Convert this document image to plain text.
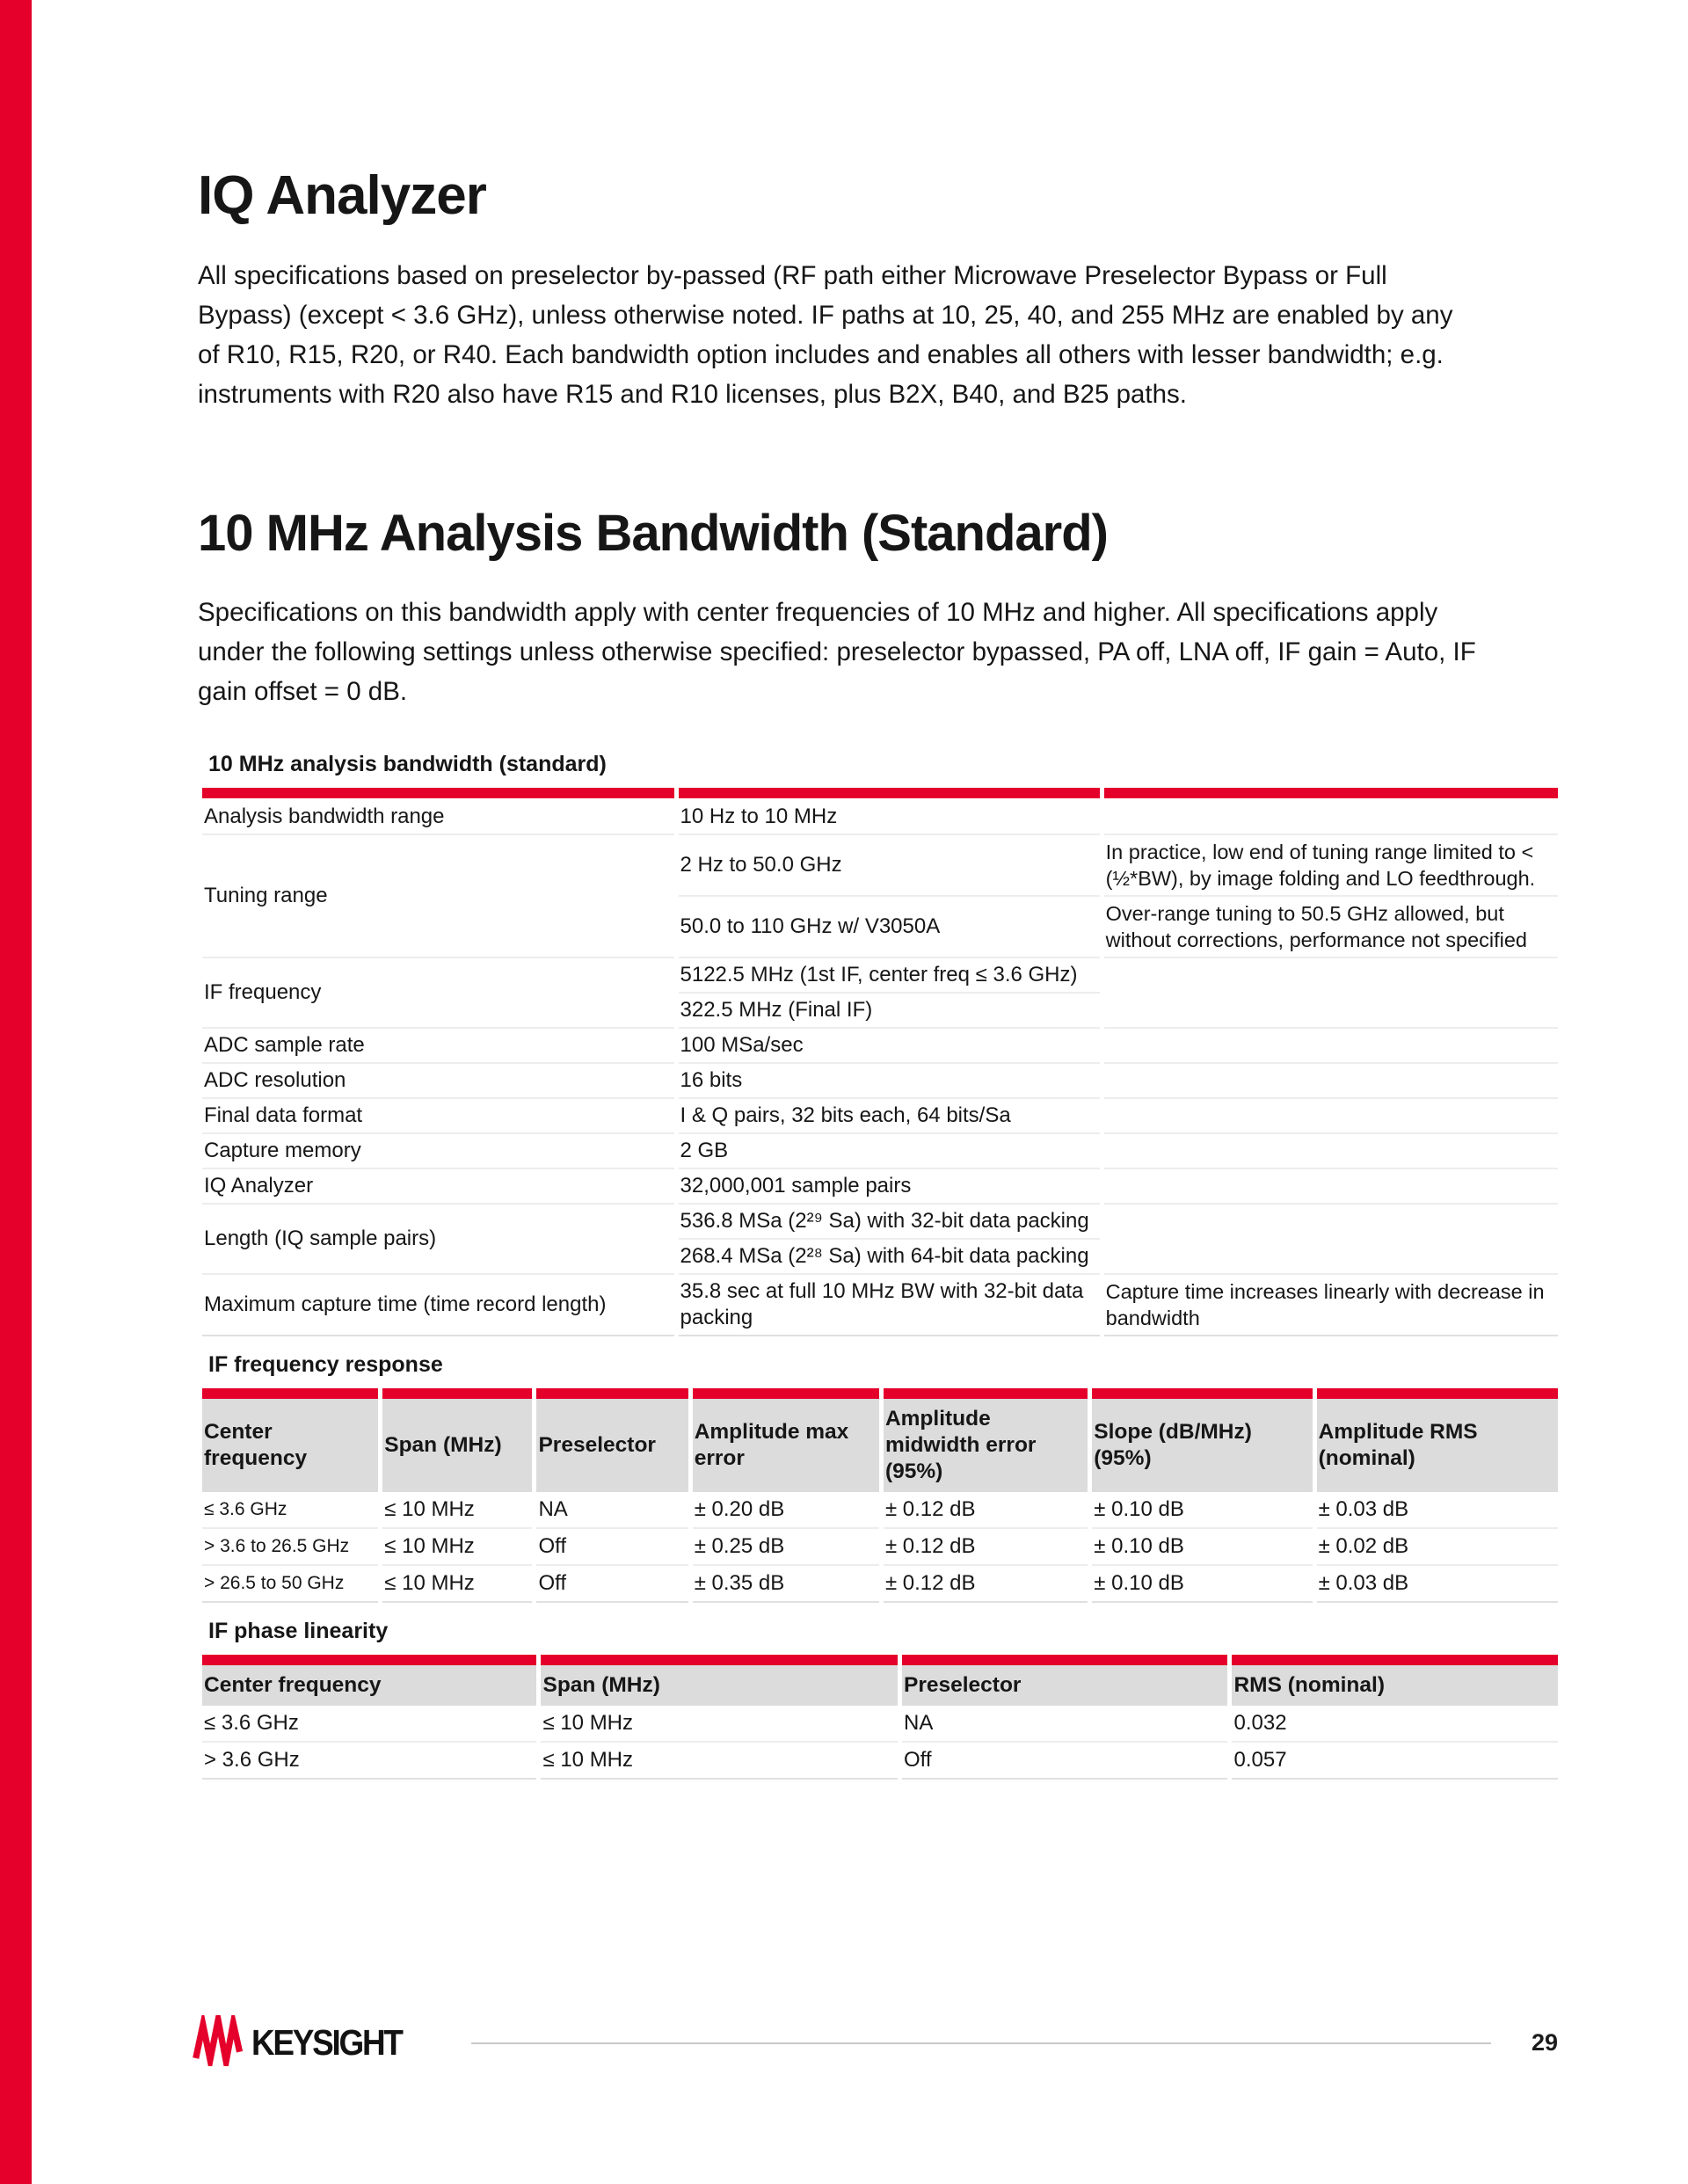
IQ Analyzer

All specifications based on preselector by-passed (RF path either Microwave Preselector Bypass or Full Bypass) (except < 3.6 GHz), unless otherwise noted. IF paths at 10, 25, 40, and 255 MHz are enabled by any of R10, R15, R20, or R40. Each bandwidth option includes and enables all others with lesser bandwidth; e.g. instruments with R20 also have R15 and R10 licenses, plus B2X, B40, and B25 paths.

10 MHz Analysis Bandwidth (Standard)

Specifications on this bandwidth apply with center frequencies of 10 MHz and higher. All specifications apply under the following settings unless otherwise specified: preselector bypassed, PA off, LNA off, IF gain = Auto, IF gain offset = 0 dB.

10 MHz analysis bandwidth (standard)
Analysis bandwidth range	10 Hz to 10 MHz	
Tuning range	2 Hz to 50.0 GHz	In practice, low end of tuning range limited to < (½*BW), by image folding and LO feedthrough.
	50.0 to 110 GHz w/ V3050A	Over-range tuning to 50.5 GHz allowed, but without corrections, performance not specified
IF frequency	5122.5 MHz (1st IF, center freq ≤ 3.6 GHz)	
	322.5 MHz (Final IF)	
ADC sample rate	100 MSa/sec	
ADC resolution	16 bits	
Final data format	I & Q pairs, 32 bits each, 64 bits/Sa	
Capture memory	2 GB	
IQ Analyzer	32,000,001 sample pairs	
Length (IQ sample pairs)	536.8 MSa (2²⁹ Sa) with 32-bit data packing	
	268.4 MSa (2²⁸ Sa) with 64-bit data packing	
Maximum capture time (time record length)	35.8 sec at full 10 MHz BW with 32-bit data packing	Capture time increases linearly with decrease in bandwidth
IF frequency response
Center frequency	Span (MHz)	Preselector	Amplitude max error	Amplitude midwidth error (95%)	Slope (dB/MHz) (95%)	Amplitude RMS (nominal)
≤ 3.6 GHz	≤ 10 MHz	NA	± 0.20 dB	± 0.12 dB	± 0.10 dB	± 0.03 dB
> 3.6 to 26.5 GHz	≤ 10 MHz	Off	± 0.25 dB	± 0.12 dB	± 0.10 dB	± 0.02 dB
> 26.5 to 50 GHz	≤ 10 MHz	Off	± 0.35 dB	± 0.12 dB	± 0.10 dB	± 0.03 dB
IF phase linearity
Center frequency	Span (MHz)	Preselector	RMS (nominal)
≤ 3.6 GHz	≤ 10 MHz	NA	0.032
> 3.6 GHz	≤ 10 MHz	Off	0.057
KEYSIGHT	29
